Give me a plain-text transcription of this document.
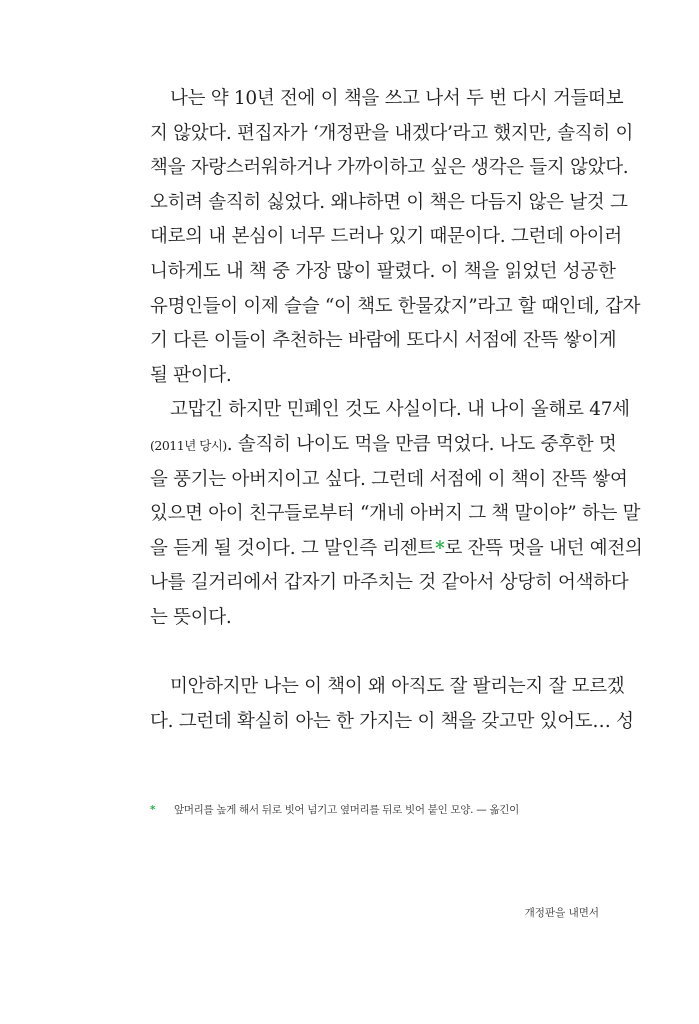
나는 약 10년 전에 이 책을 쓰고 나서 두 번 다시 거들떠보
지 않았다. 편집자가 ‘개정판을 내겠다’라고 했지만, 솔직히 이
책을 자랑스러워하거나 가까이하고 싶은 생각은 들지 않았다.
오히려 솔직히 싫었다. 왜냐하면 이 책은 다듬지 않은 날것 그
대로의 내 본심이 너무 드러나 있기 때문이다. 그런데 아이러
니하게도 내 책 중 가장 많이 팔렸다. 이 책을 읽었던 성공한
유명인들이 이제 슬슬 “이 책도 한물갔지”라고 할 때인데, 갑자
기 다른 이들이 추천하는 바람에 또다시 서점에 잔뜩 쌓이게
될 판이다.
고맙긴 하지만 민폐인 것도 사실이다. 내 나이 올해로 47세
(2011년 당시). 솔직히 나이도 먹을 만큼 먹었다. 나도 중후한 멋
을 풍기는 아버지이고 싶다. 그런데 서점에 이 책이 잔뜩 쌓여
있으면 아이 친구들로부터 “개네 아버지 그 책 말이야” 하는 말
을 듣게 될 것이다. 그 말인즉 리젠트*로 잔뜩 멋을 내던 예전의
나를 길거리에서 갑자기 마주치는 것 같아서 상당히 어색하다
는 뜻이다.
미안하지만 나는 이 책이 왜 아직도 잘 팔리는지 잘 모르겠
다. 그런데 확실히 아는 한 가지는 이 책을 갖고만 있어도… 성
* 앞머리를 높게 해서 뒤로 빗어 넘기고 옆머리를 뒤로 빗어 붙인 모양. — 옮긴이
개정판을 내면서
